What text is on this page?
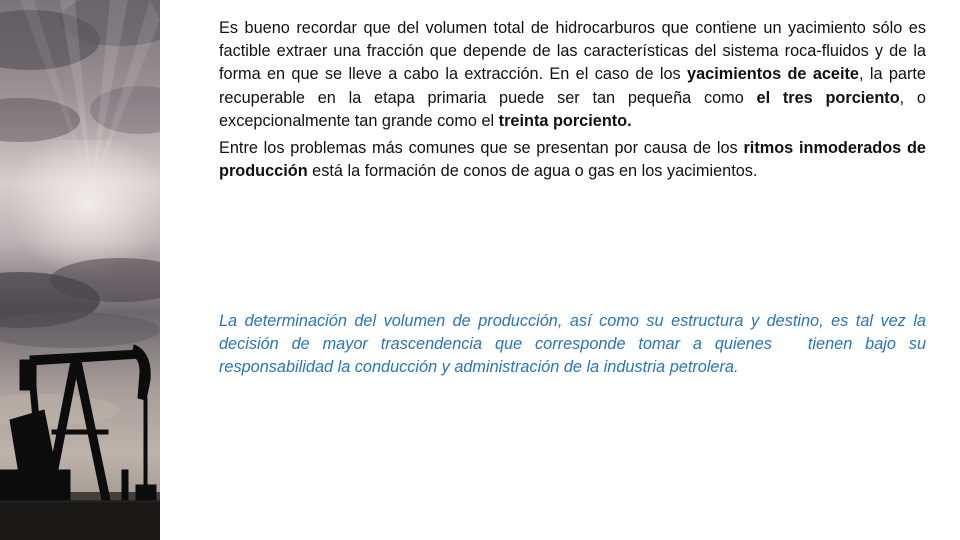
Es bueno recordar que del volumen total de hidrocarburos que contiene un yacimiento sólo es factible extraer una fracción que depende de las características del sistema roca-fluidos y de la forma en que se lleve a cabo la extracción. En el caso de los yacimientos de aceite, la parte recuperable en la etapa primaria puede ser tan pequeña como el tres porciento, o excepcionalmente tan grande como el treinta porciento.

Entre los problemas más comunes que se presentan por causa de los ritmos inmoderados de producción está la formación de conos de agua o gas en los yacimientos.

La determinación del volumen de producción, así como su estructura y destino, es tal vez la decisión de mayor trascendencia que corresponde tomar a quienes tienen bajo su responsabilidad la conducción y administración de la industria petrolera.
